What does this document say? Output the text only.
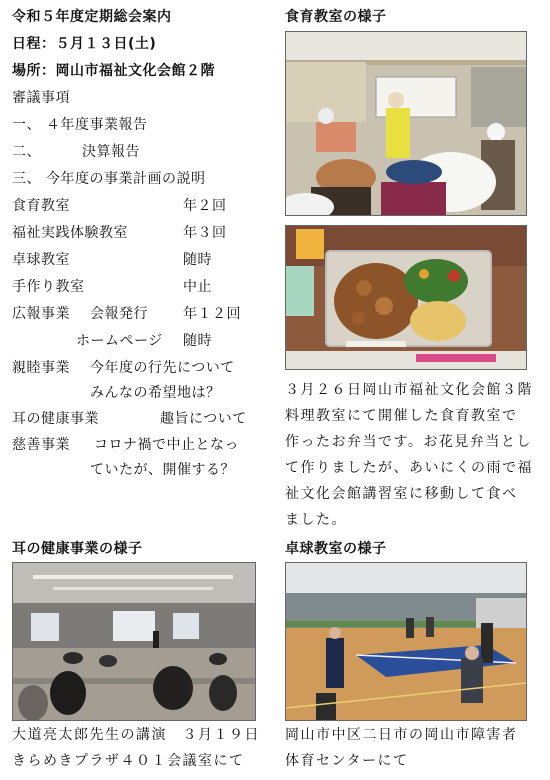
令和５年度定期総会案内
日程：５月１３日(土)
場所：岡山市福祉文化会館２階
審議事項
一、 ４年度事業報告
二、	決算報告
三、 今年度の事業計画の説明
食育教室	年２回
福祉実践体験教室	年３回
卓球教室	随時
手作り教室	中止
広報事業 会報発行	年１２回
ホームページ 随時
親睦事業 今年度の行先について
みんなの希望地は？
耳の健康事業	趣旨について
慈善事業 コロナ禍で中止となっ
ていたが、開催する？
食育教室の様子
３月２６日岡山市福祉文化会館３階
料理教室にて開催した食育教室で
作ったお弁当です。お花見弁当とし
て作りましたが、あいにくの雨で福
祉文化会館講習室に移動して食べ
ました。
耳の健康事業の様子
大道亮太郎先生の講演　３月１９日
きらめきプラザ４０１会議室にて
卓球教室の様子
岡山市中区二日市の岡山市障害者
体育センターにて
